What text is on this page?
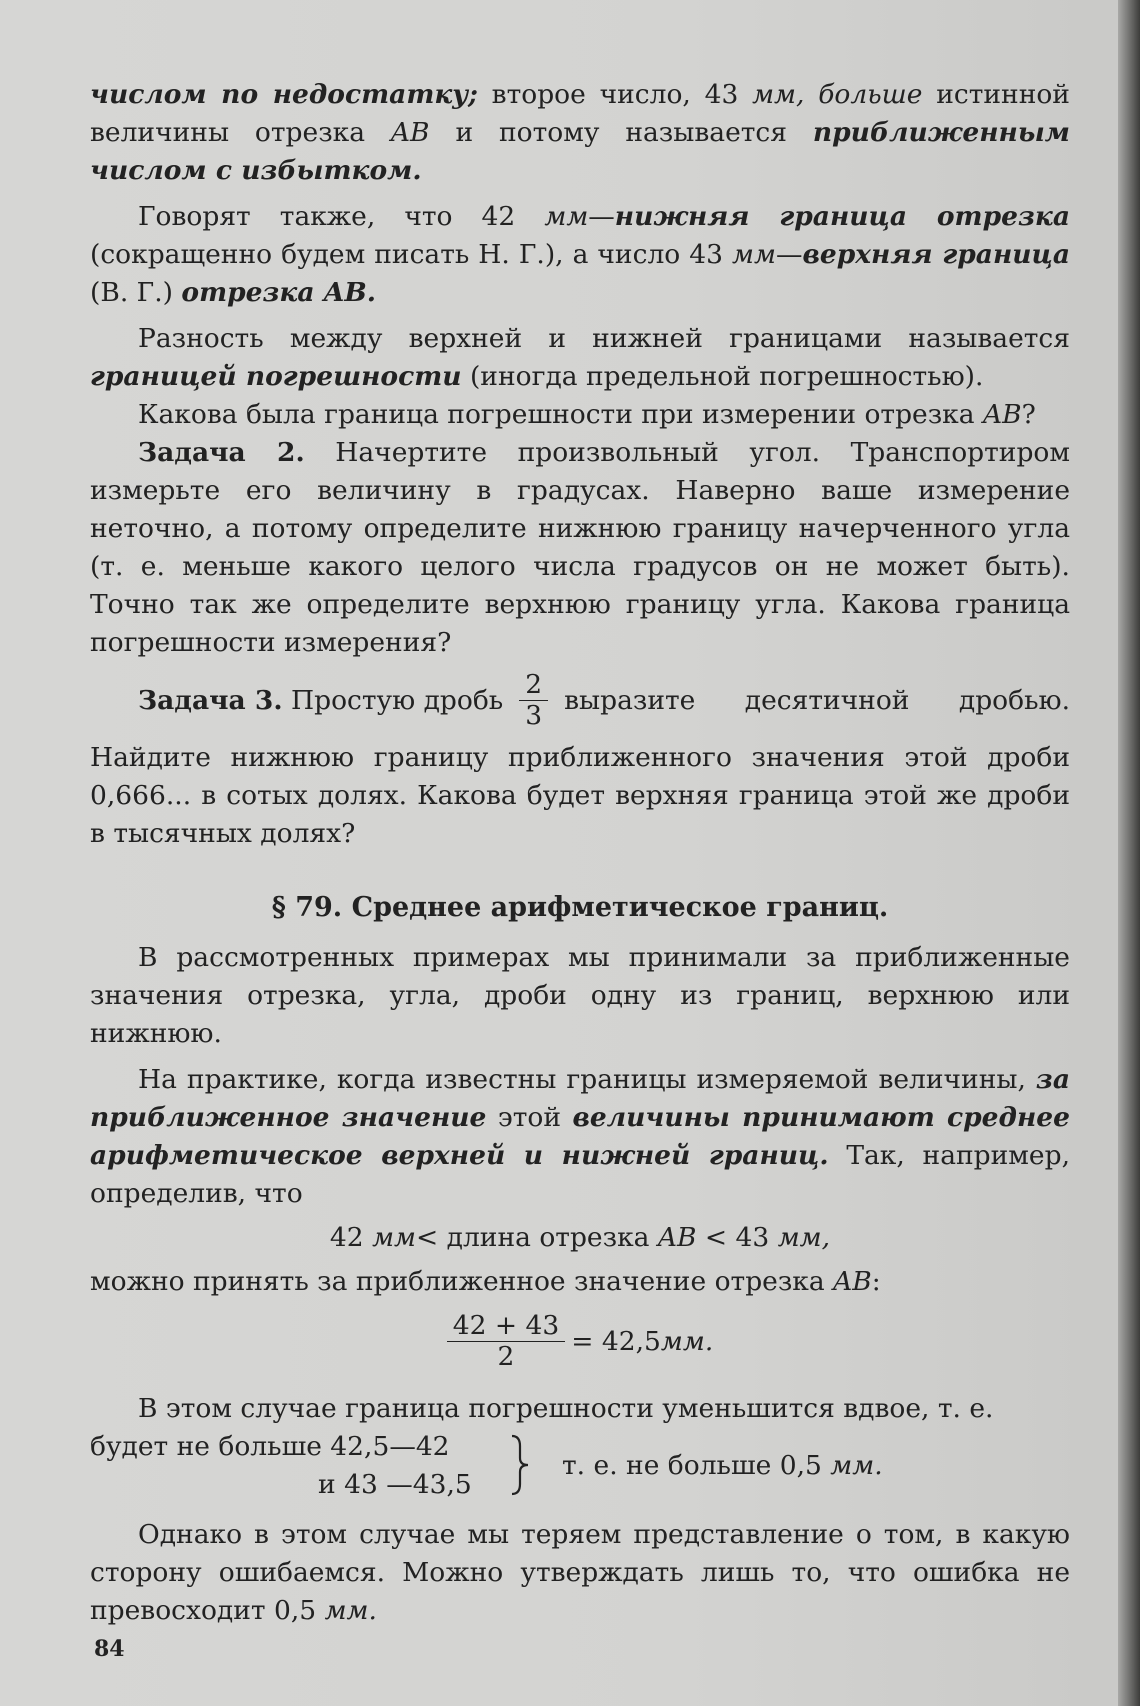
числом по недостатку; второе число, 43 мм, больше истинной величины отрезка AB и потому называется приближенным числом с избытком.

Говорят также, что 42 мм—нижняя граница отрезка (сокращенно будем писать Н. Г.), а число 43 мм—верхняя граница (В. Г.) отрезка AB.

Разность между верхней и нижней границами называется границей погрешности (иногда предельной погрешностью).

Какова была граница погрешности при измерении отрезка AB?

Задача 2. Начертите произвольный угол. Транспортиром измерьте его величину в градусах. Наверно ваше измерение неточно, а потому определите нижнюю границу начерченного угла (т. е. меньше какого целого числа градусов он не может быть). Точно так же определите верхнюю границу угла. Какова граница погрешности измерения?

Задача 3. Простую дробь $\frac{2}{3}$ выразите десятичной дробью.

Найдите нижнюю границу приближенного значения этой дроби 0,666... в сотых долях. Какова будет верхняя граница этой же дроби в тысячных долях?

§ 79. Среднее арифметическое границ.

В рассмотренных примерах мы принимали за приближенные значения отрезка, угла, дроби одну из границ, верхнюю или нижнюю.

На практике, когда известны границы измеряемой величины, за приближенное значение этой величины принимают среднее арифметическое верхней и нижней границ. Так, например, определив, что

42 мм< длина отрезка AB < 43 мм,

можно принять за приближенное значение отрезка AB:

$\frac{42 + 43}{2} = 42,5$ мм.

В этом случае граница погрешности уменьшится вдвое, т. е.

будет не больше 42,5—42
и 43 —43,5
т. е. не больше 0,5 мм.

Однако в этом случае мы теряем представление о том, в какую сторону ошибаемся. Можно утверждать лишь то, что ошибка не превосходит 0,5 мм.

84
